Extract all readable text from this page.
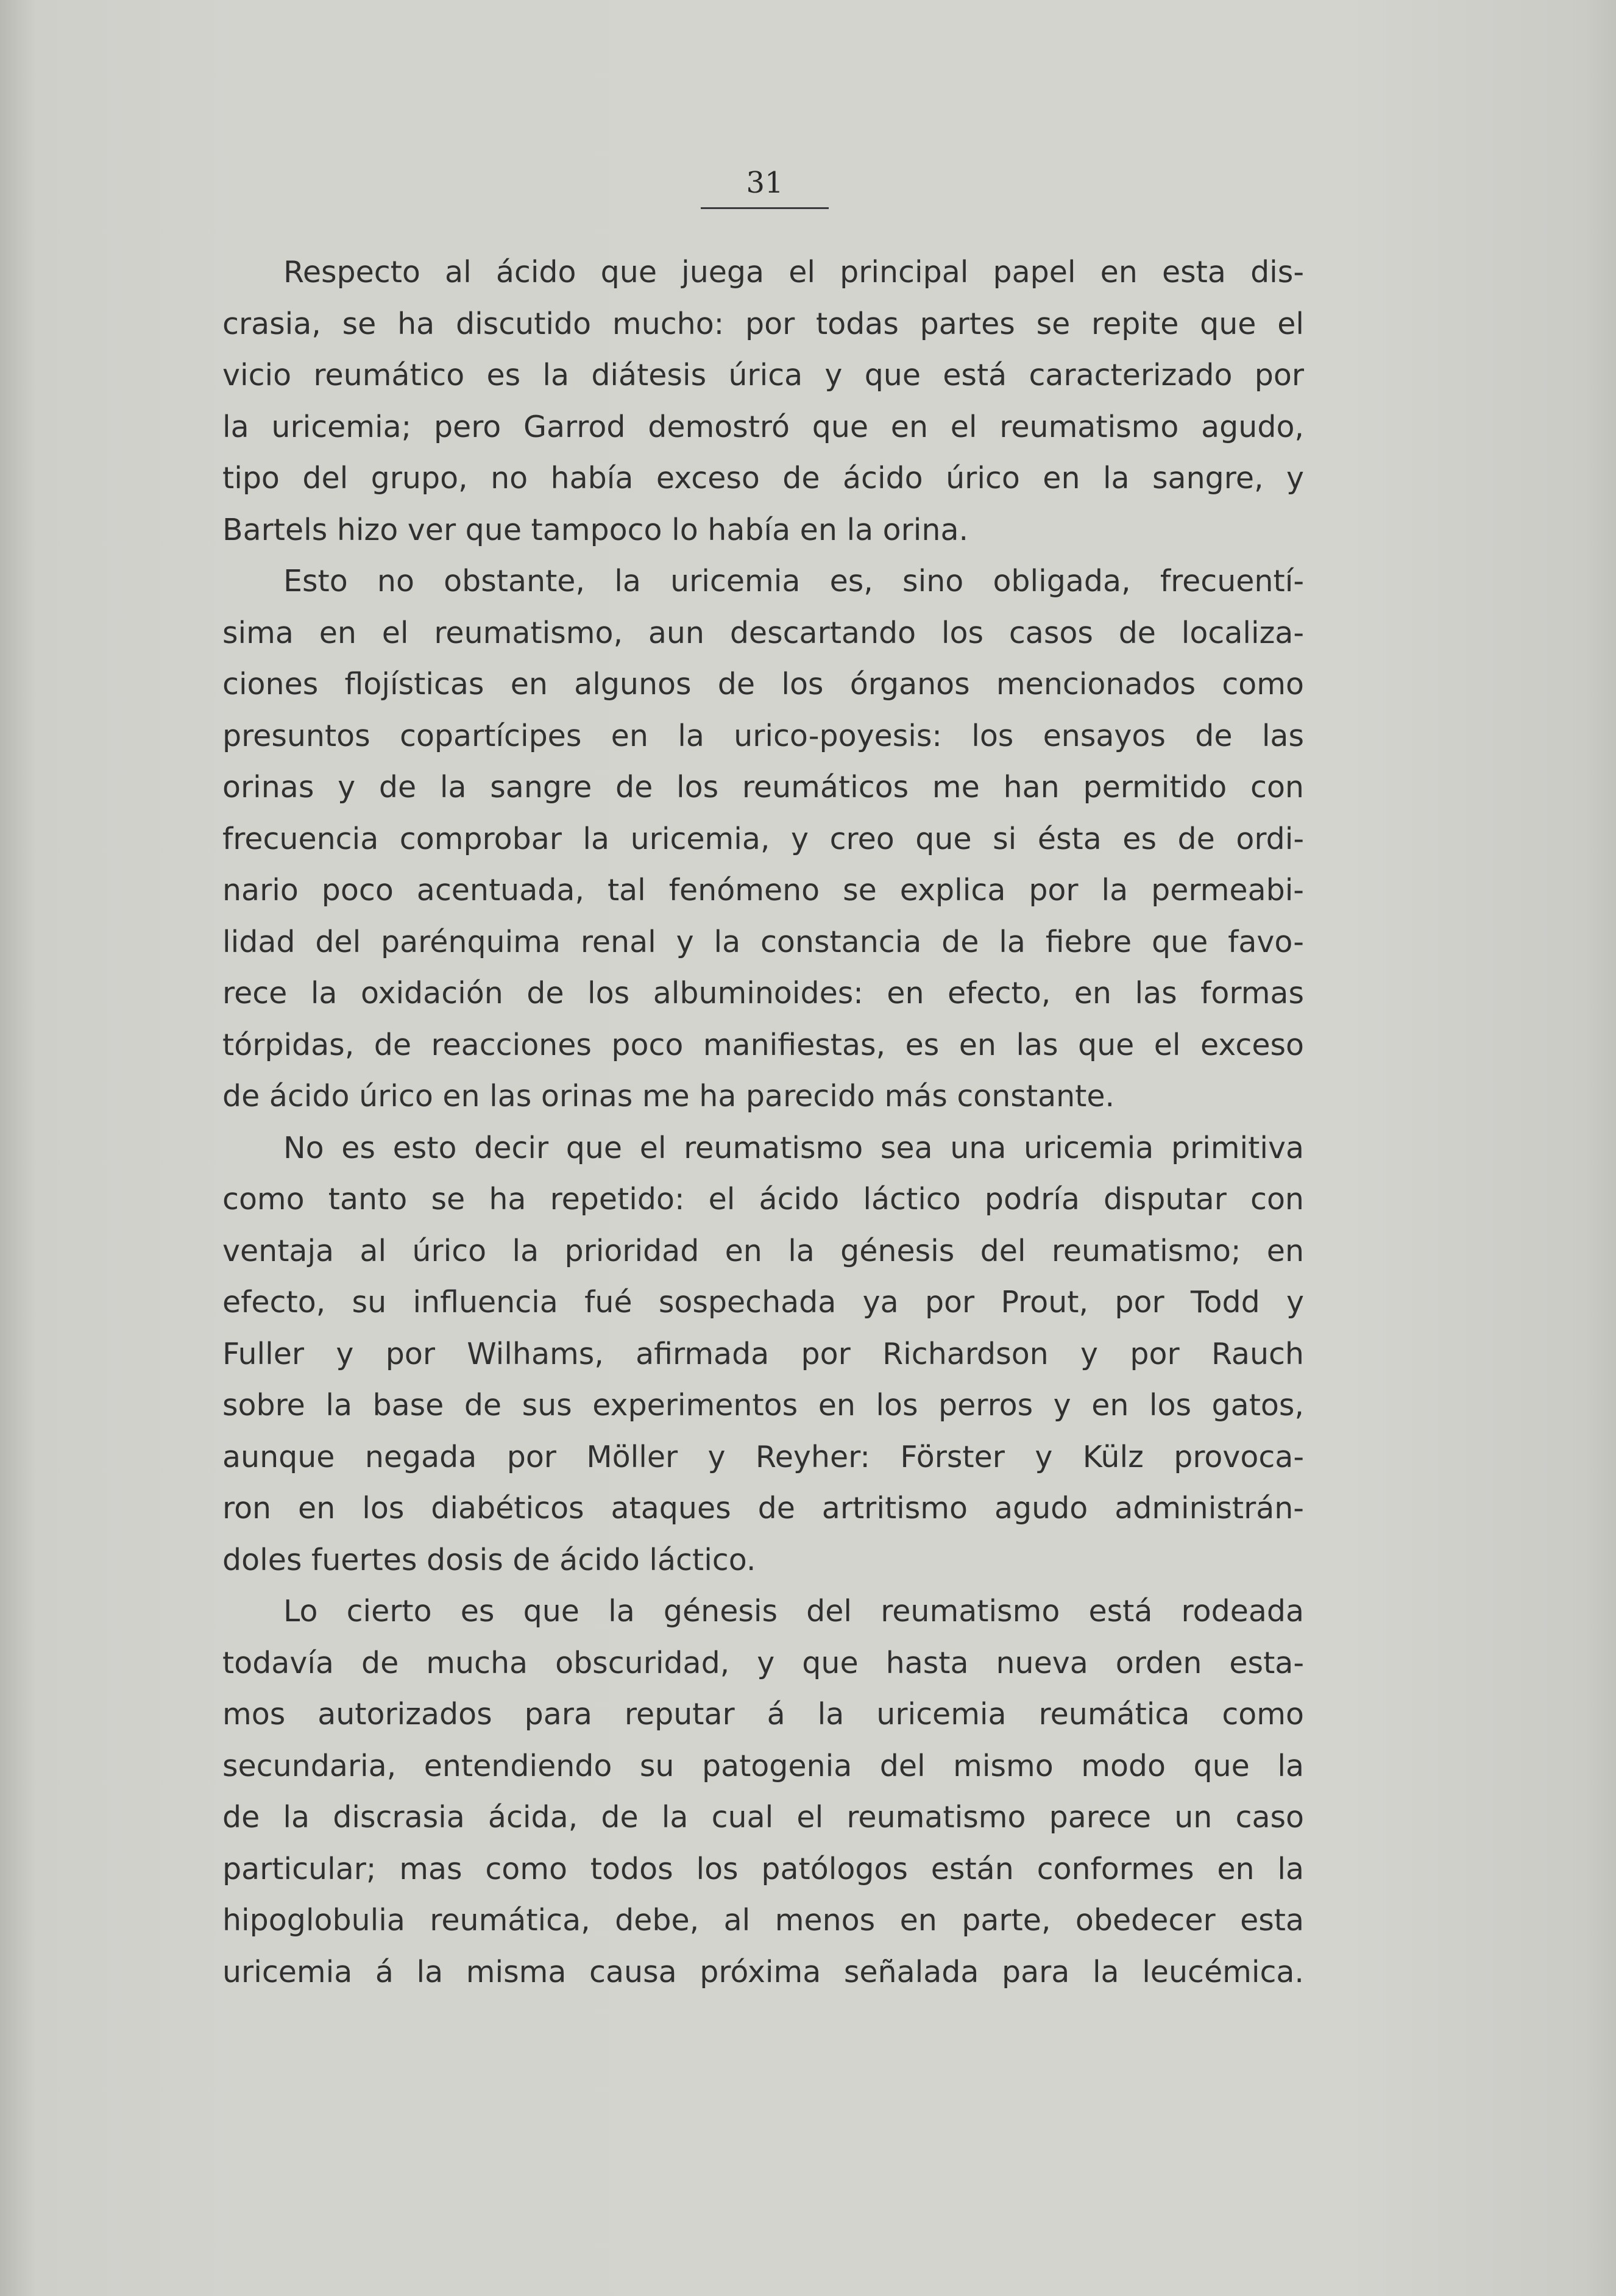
31

Respecto al ácido que juega el principal papel en esta dis-
crasia, se ha discutido mucho: por todas partes se repite que el
vicio reumático es la diátesis úrica y que está caracterizado por
la uricemia; pero Garrod demostró que en el reumatismo agudo,
tipo del grupo, no había exceso de ácido úrico en la sangre, y
Bartels hizo ver que tampoco lo había en la orina.

Esto no obstante, la uricemia es, sino obligada, frecuentí-
sima en el reumatismo, aun descartando los casos de localiza-
ciones flojísticas en algunos de los órganos mencionados como
presuntos copartícipes en la urico-poyesis: los ensayos de las
orinas y de la sangre de los reumáticos me han permitido con
frecuencia comprobar la uricemia, y creo que si ésta es de ordi-
nario poco acentuada, tal fenómeno se explica por la permeabi-
lidad del parénquima renal y la constancia de la fiebre que favo-
rece la oxidación de los albuminoides: en efecto, en las formas
tórpidas, de reacciones poco manifiestas, es en las que el exceso
de ácido úrico en las orinas me ha parecido más constante.

No es esto decir que el reumatismo sea una uricemia primitiva
como tanto se ha repetido: el ácido láctico podría disputar con
ventaja al úrico la prioridad en la génesis del reumatismo; en
efecto, su influencia fué sospechada ya por Prout, por Todd y
Fuller y por Wilhams, afirmada por Richardson y por Rauch
sobre la base de sus experimentos en los perros y en los gatos,
aunque negada por Möller y Reyher: Förster y Külz provoca-
ron en los diabéticos ataques de artritismo agudo administrán-
doles fuertes dosis de ácido láctico.

Lo cierto es que la génesis del reumatismo está rodeada
todavía de mucha obscuridad, y que hasta nueva orden esta-
mos autorizados para reputar á la uricemia reumática como
secundaria, entendiendo su patogenia del mismo modo que la
de la discrasia ácida, de la cual el reumatismo parece un caso
particular; mas como todos los patólogos están conformes en la
hipoglobulia reumática, debe, al menos en parte, obedecer esta
uricemia á la misma causa próxima señalada para la leucémica.
